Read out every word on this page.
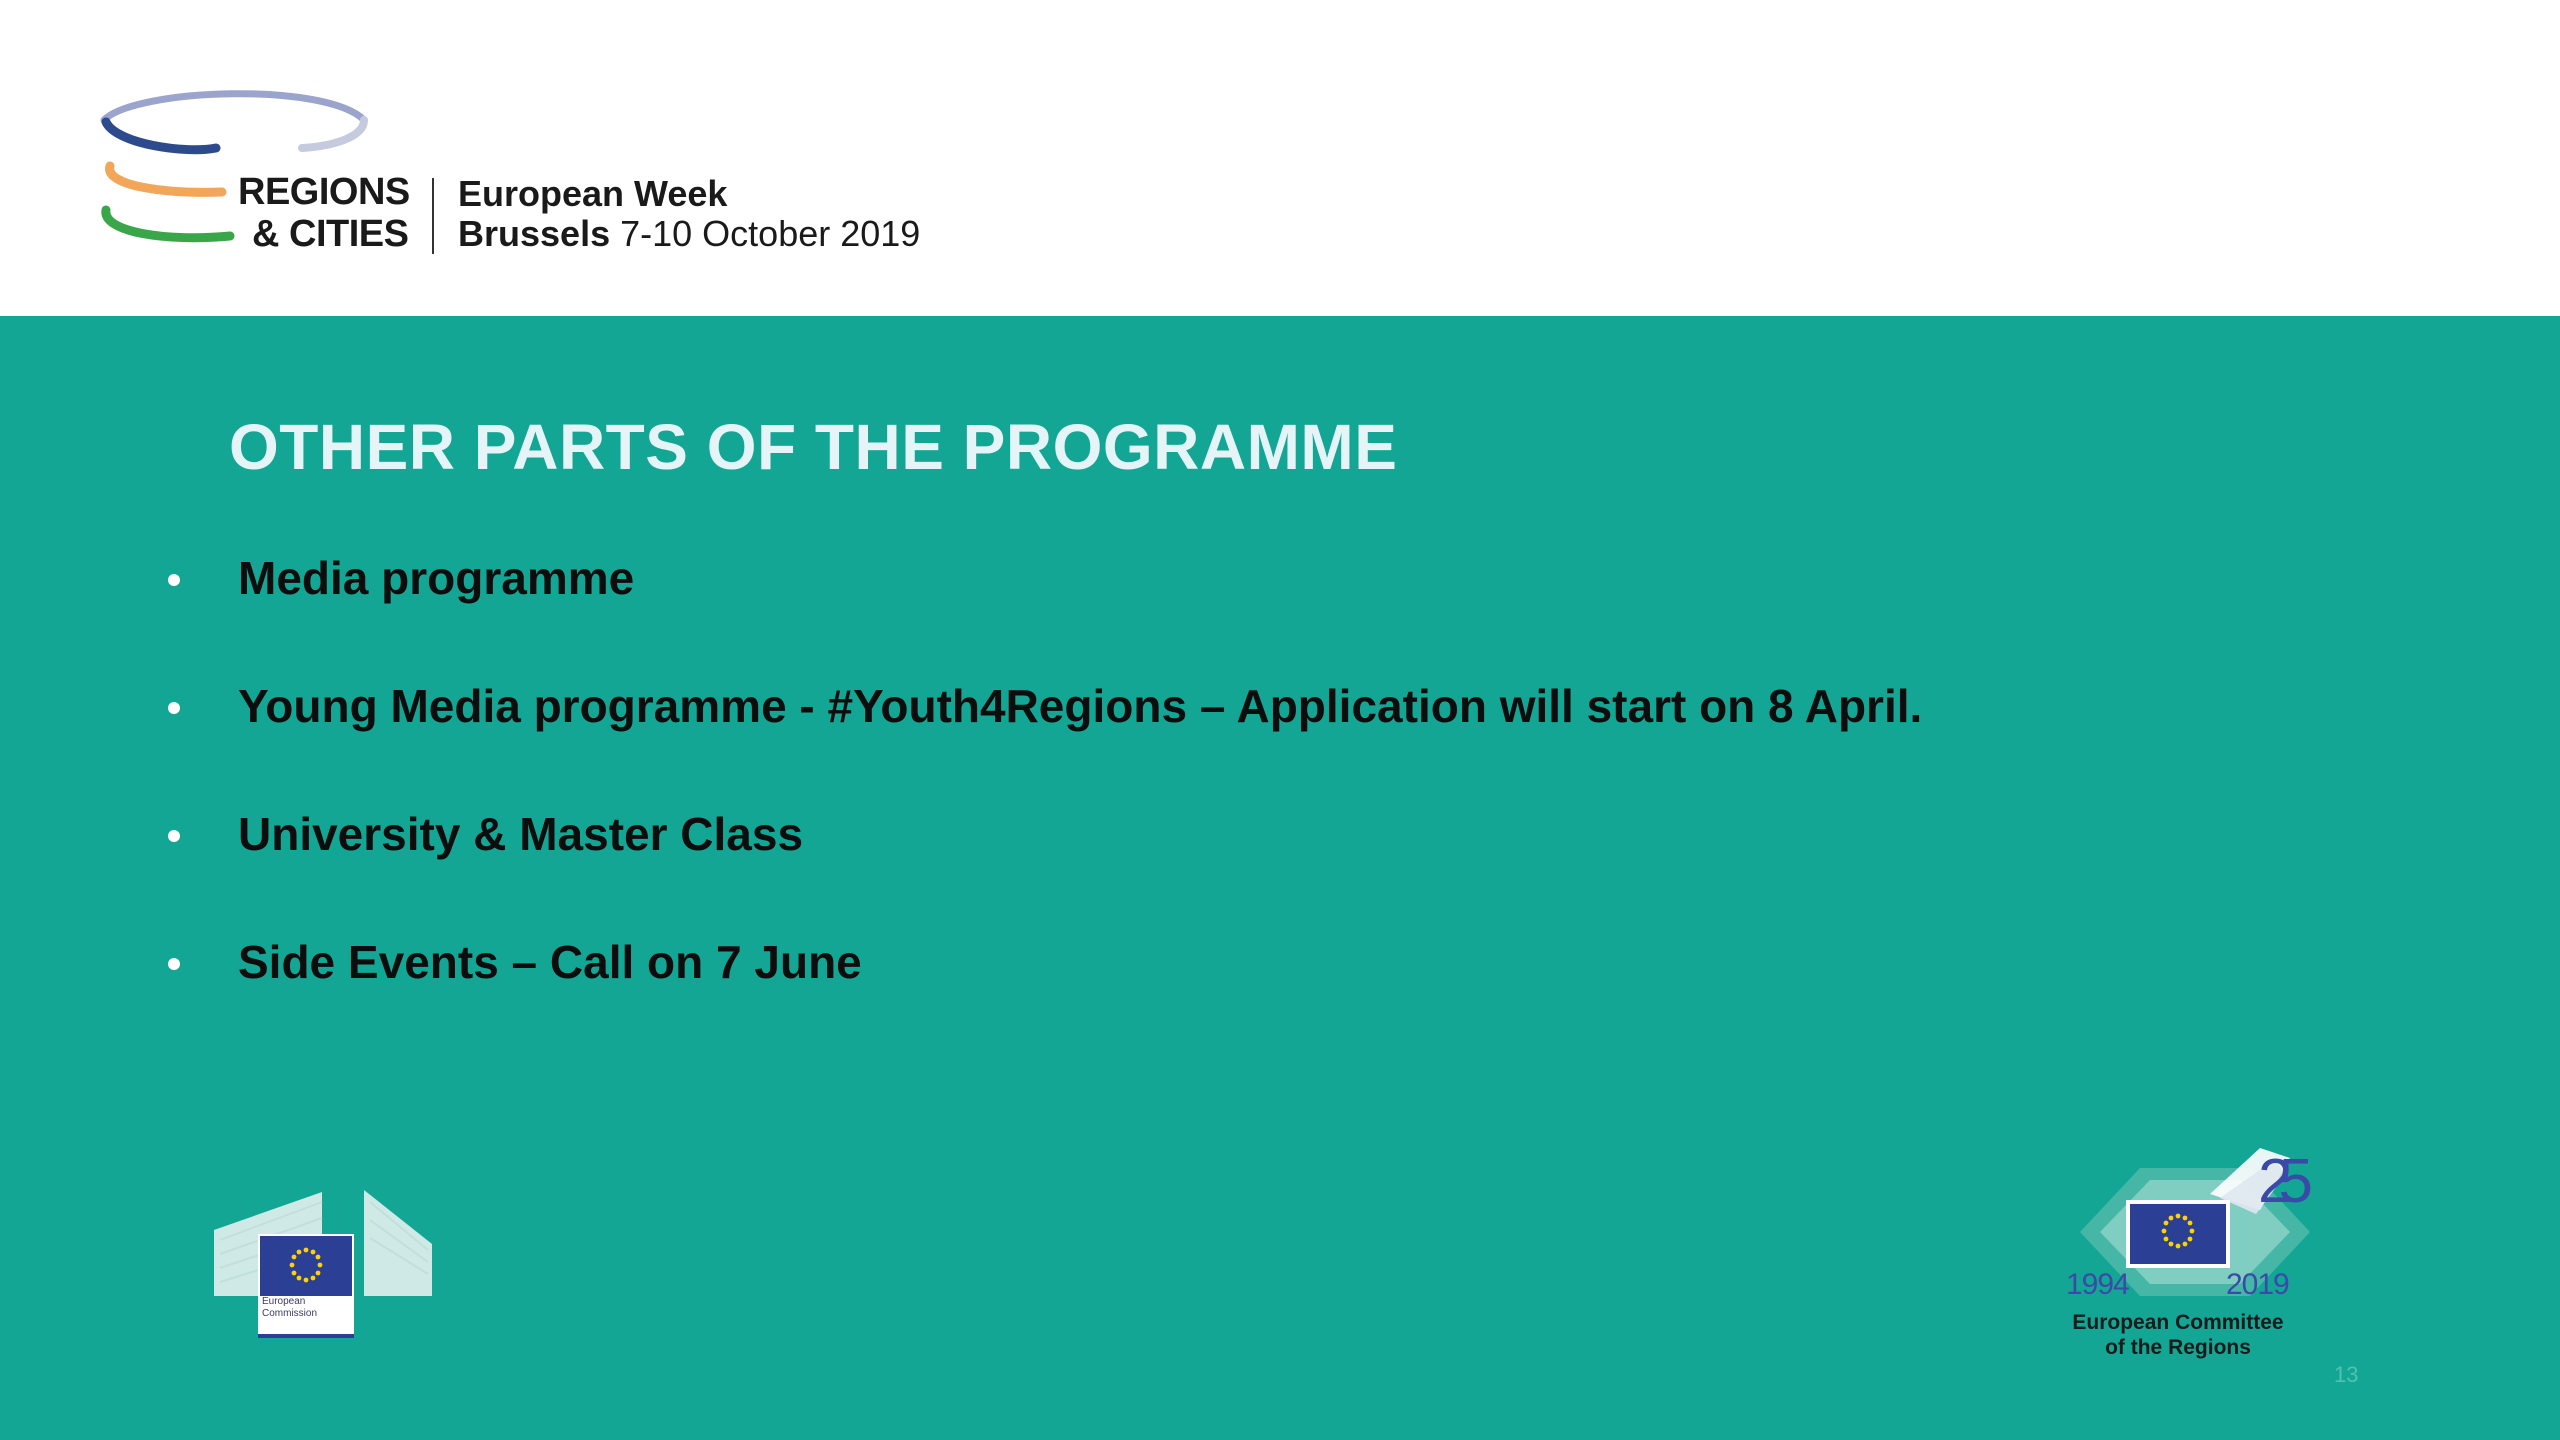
REGIONS
& CITIES
European Week
Brussels 7-10 October 2019
OTHER PARTS OF THE PROGRAMME
Media programme
Young Media programme - #Youth4Regions – Application will start on 8 April.
University & Master Class
Side Events – Call on 7 June
European
Commission
25
1994	2019
European Committee
of the Regions
13
